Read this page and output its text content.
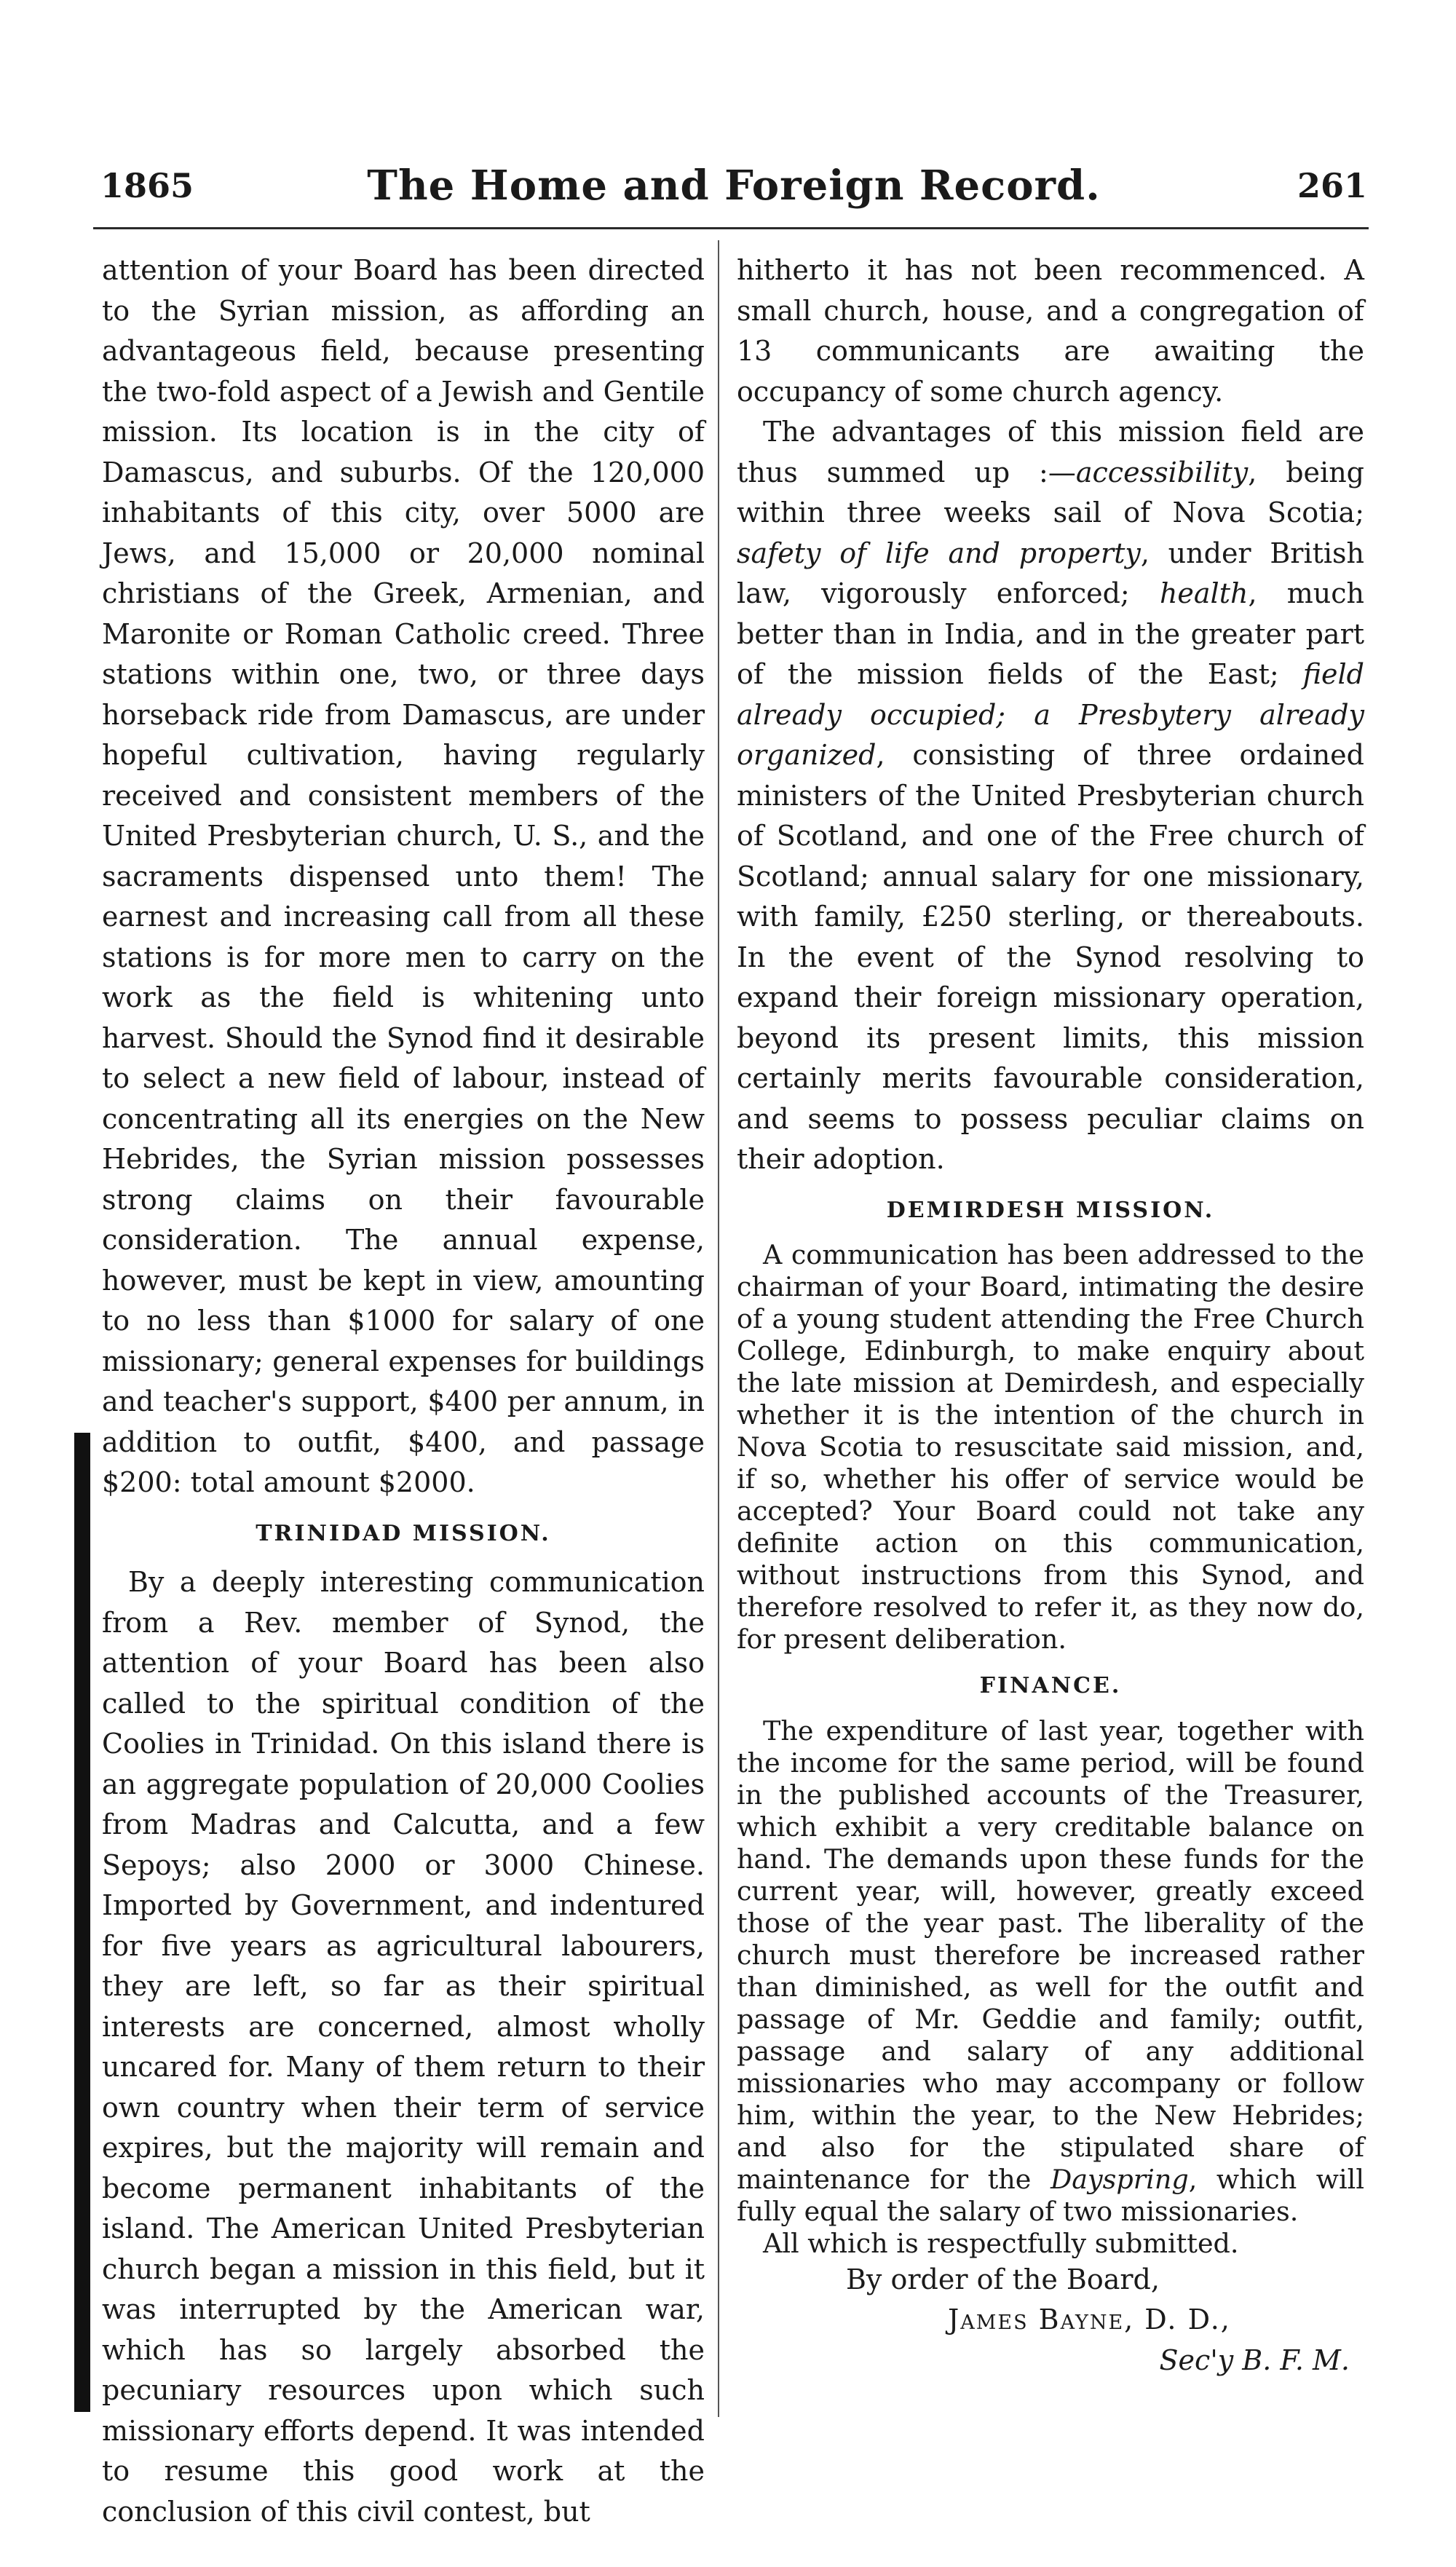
1865	The Home and Foreign Record.	261

attention of your Board has been directed to the Syrian mission, as affording an advantageous field, because presenting the two-fold aspect of a Jewish and Gentile mission. Its location is in the city of Damascus, and suburbs. Of the 120,000 inhabitants of this city, over 5000 are Jews, and 15,000 or 20,000 nominal christians of the Greek, Armenian, and Maronite or Roman Catholic creed. Three stations within one, two, or three days horseback ride from Damascus, are under hopeful cultivation, having regularly received and consistent members of the United Presbyterian church, U. S., and the sacraments dispensed unto them! The earnest and increasing call from all these stations is for more men to carry on the work as the field is whitening unto harvest. Should the Synod find it desirable to select a new field of labour, instead of concentrating all its energies on the New Hebrides, the Syrian mission possesses strong claims on their favourable consideration. The annual expense, however, must be kept in view, amounting to no less than $1000 for salary of one missionary; general expenses for buildings and teacher's support, $400 per annum, in addition to outfit, $400, and passage $200: total amount $2000.

TRINIDAD MISSION.

By a deeply interesting communication from a Rev. member of Synod, the attention of your Board has been also called to the spiritual condition of the Coolies in Trinidad. On this island there is an aggregate population of 20,000 Coolies from Madras and Calcutta, and a few Sepoys; also 2000 or 3000 Chinese. Imported by Government, and indentured for five years as agricultural labourers, they are left, so far as their spiritual interests are concerned, almost wholly uncared for. Many of them return to their own country when their term of service expires, but the majority will remain and become permanent inhabitants of the island. The American United Presbyterian church began a mission in this field, but it was interrupted by the American war, which has so largely absorbed the pecuniary resources upon which such missionary efforts depend. It was intended to resume this good work at the conclusion of this civil contest, but

hitherto it has not been recommenced. A small church, house, and a congregation of 13 communicants are awaiting the occupancy of some church agency.

The advantages of this mission field are thus summed up :—accessibility, being within three weeks sail of Nova Scotia; safety of life and property, under British law, vigorously enforced; health, much better than in India, and in the greater part of the mission fields of the East; field already occupied; a Presbytery already organized, consisting of three ordained ministers of the United Presbyterian church of Scotland, and one of the Free church of Scotland; annual salary for one missionary, with family, £250 sterling, or thereabouts. In the event of the Synod resolving to expand their foreign missionary operation, beyond its present limits, this mission certainly merits favourable consideration, and seems to possess peculiar claims on their adoption.

DEMIRDESH MISSION.

A communication has been addressed to the chairman of your Board, intimating the desire of a young student attending the Free Church College, Edinburgh, to make enquiry about the late mission at Demirdesh, and especially whether it is the intention of the church in Nova Scotia to resuscitate said mission, and, if so, whether his offer of service would be accepted? Your Board could not take any definite action on this communication, without instructions from this Synod, and therefore resolved to refer it, as they now do, for present deliberation.

FINANCE.

The expenditure of last year, together with the income for the same period, will be found in the published accounts of the Treasurer, which exhibit a very creditable balance on hand. The demands upon these funds for the current year, will, however, greatly exceed those of the year past. The liberality of the church must therefore be increased rather than diminished, as well for the outfit and passage of Mr. Geddie and family; outfit, passage and salary of any additional missionaries who may accompany or follow him, within the year, to the New Hebrides; and also for the stipulated share of maintenance for the Dayspring, which will fully equal the salary of two missionaries.

All which is respectfully submitted.

By order of the Board,

James Bayne, D. D.,

Sec'y B. F. M.
